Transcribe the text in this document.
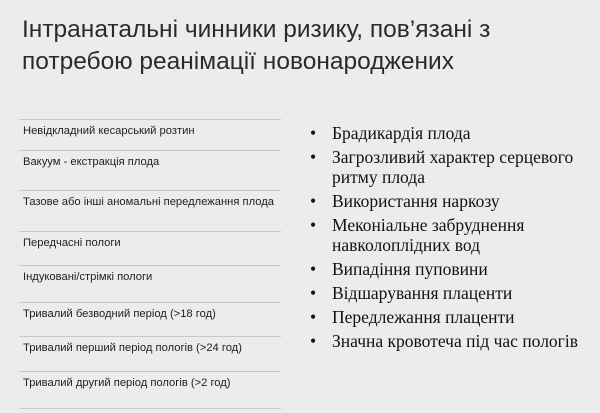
Інтранатальні чинники ризику, пов’язані з потребою реанімації новонароджених
Невідкладний кесарський розтин
Вакуум - екстракція плода
Тазове або інші аномальні передлежання плода
Передчасні пологи
Індуковані/стрімкі пологи
Тривалий безводний період (>18 год)
Тривалий перший період пологів (>24 год)
Тривалий другий період пологів (>2 год)
• Брадикардія плода
• Загрозливий характер серцевого ритму плода
• Використання наркозу
• Меконіальне забруднення навколоплідних вод
• Випадіння пуповини
• Відшарування плаценти
• Передлежання плаценти
• Значна кровотеча під час пологів
